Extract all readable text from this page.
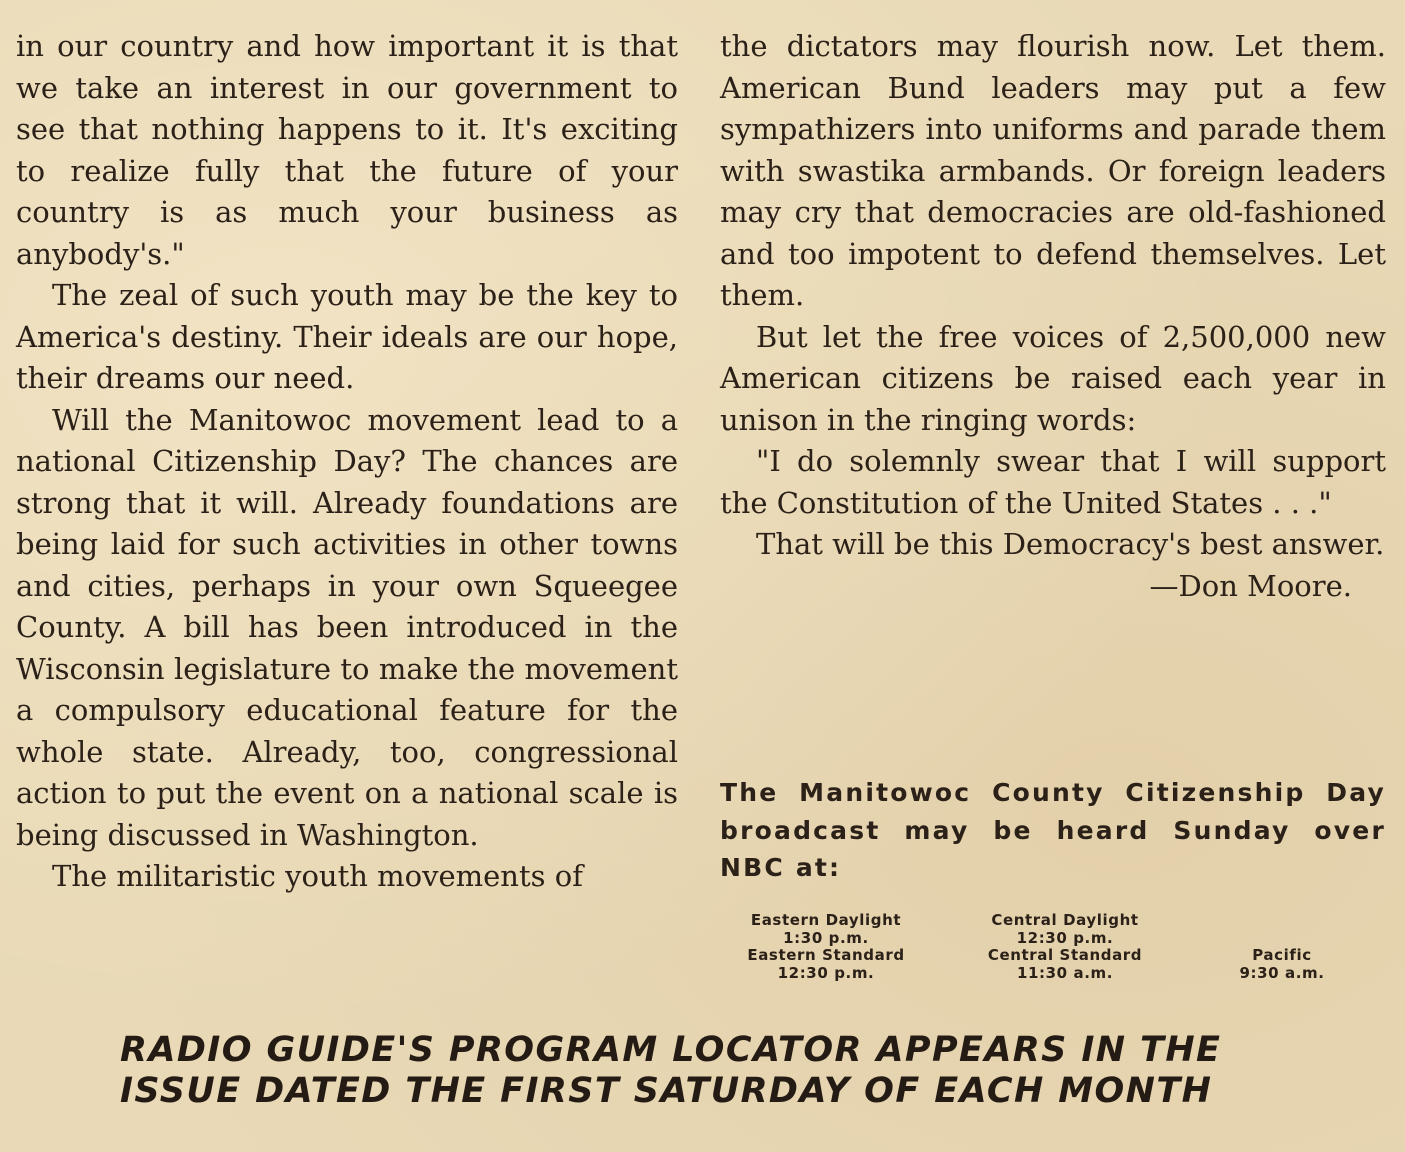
in our country and how important it is that we take an interest in our government to see that nothing happens to it. It's exciting to realize fully that the future of your country is as much your business as anybody's."

The zeal of such youth may be the key to America's destiny. Their ideals are our hope, their dreams our need.

Will the Manitowoc movement lead to a national Citizenship Day? The chances are strong that it will. Already foundations are being laid for such activities in other towns and cities, perhaps in your own Squeegee County. A bill has been introduced in the Wisconsin legislature to make the movement a compulsory educational feature for the whole state. Already, too, congressional action to put the event on a national scale is being discussed in Washington.

The militaristic youth movements of

the dictators may flourish now. Let them. American Bund leaders may put a few sympathizers into uniforms and parade them with swastika armbands. Or foreign leaders may cry that democracies are old-fashioned and too impotent to defend themselves. Let them.

But let the free voices of 2,500,000 new American citizens be raised each year in unison in the ringing words:

"I do solemnly swear that I will support the Constitution of the United States . . ."

That will be this Democracy's best answer.

—Don Moore.

The Manitowoc County Citizenship Day broadcast may be heard Sunday over NBC at:
Eastern Daylight
1:30 p.m.
Eastern Standard
12:30 p.m.
Central Daylight
12:30 p.m.
Central Standard
11:30 a.m.
Pacific
9:30 a.m.
RADIO GUIDE'S PROGRAM LOCATOR APPEARS IN THE
ISSUE DATED THE FIRST SATURDAY OF EACH MONTH
